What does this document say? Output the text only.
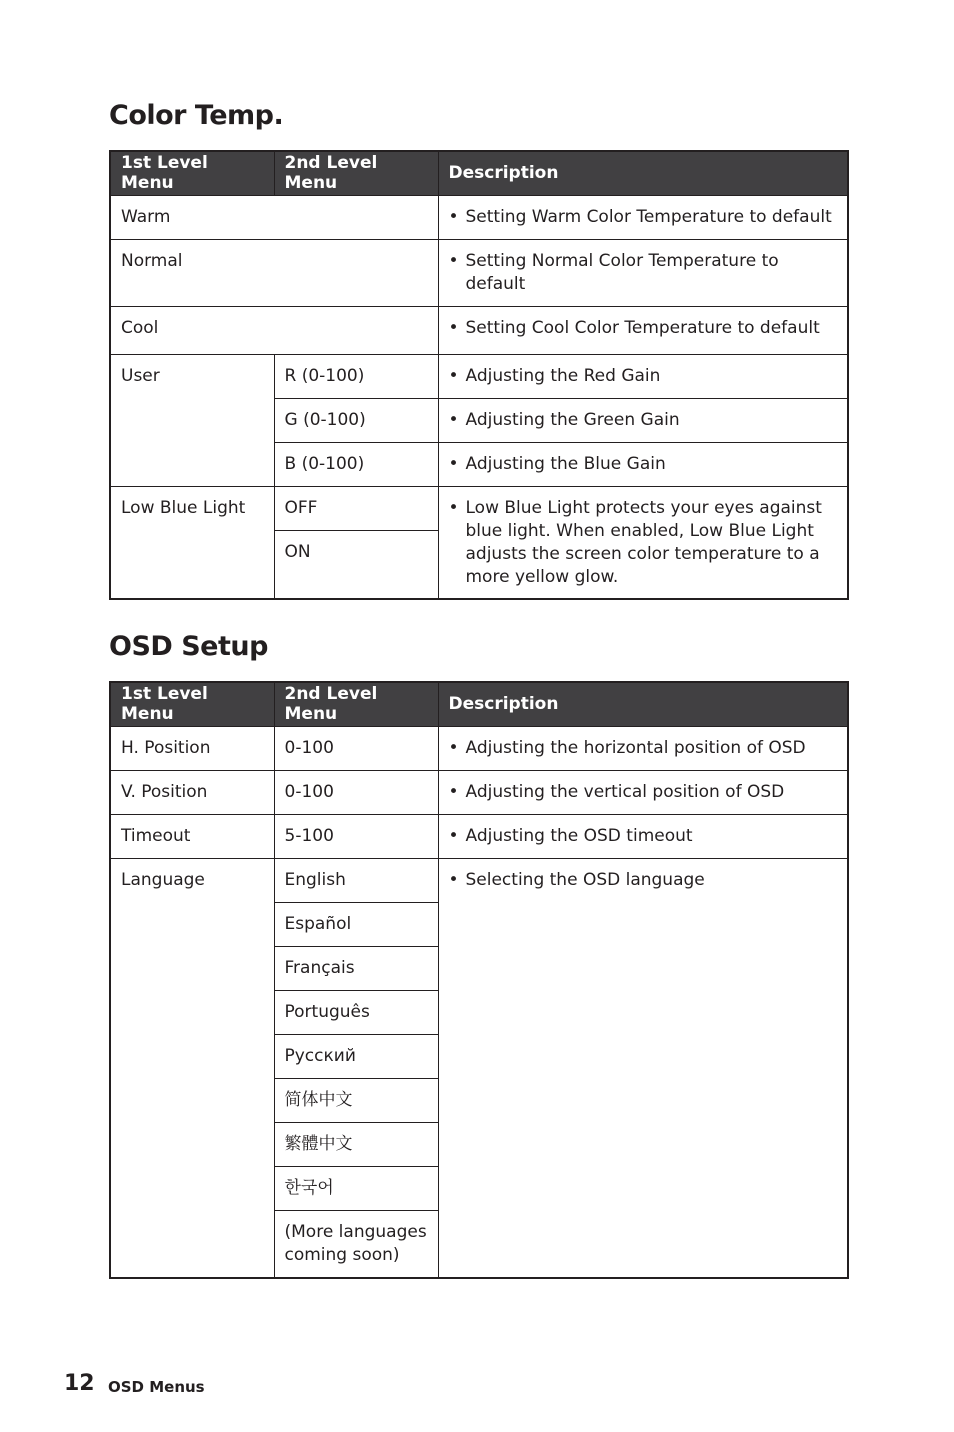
Color Temp.
1st Level Menu	2nd Level Menu	Description
Warm		• Setting Warm Color Temperature to default

Normal		• Setting Normal Color Temperature to default

Cool		• Setting Cool Color Temperature to default

User	R (0-100)	• Adjusting the Red Gain

	G (0-100)	• Adjusting the Green Gain

	B (0-100)	• Adjusting the Blue Gain

Low Blue Light	OFF	• Low Blue Light protects your eyes against blue light. When enabled, Low Blue Light adjusts the screen color temperature to a more yellow glow.

	ON	
OSD Setup
1st Level Menu	2nd Level Menu	Description
H. Position	0-100	• Adjusting the horizontal position of OSD

V. Position	0-100	• Adjusting the vertical position of OSD

Timeout	5-100	• Adjusting the OSD timeout

Language	English	• Selecting the OSD language

	Español	
	Français	
	Português	
	Русский	
	简体中文	
	繁體中文	
	한국어	
	(More languages coming soon)	
12 OSD Menus
